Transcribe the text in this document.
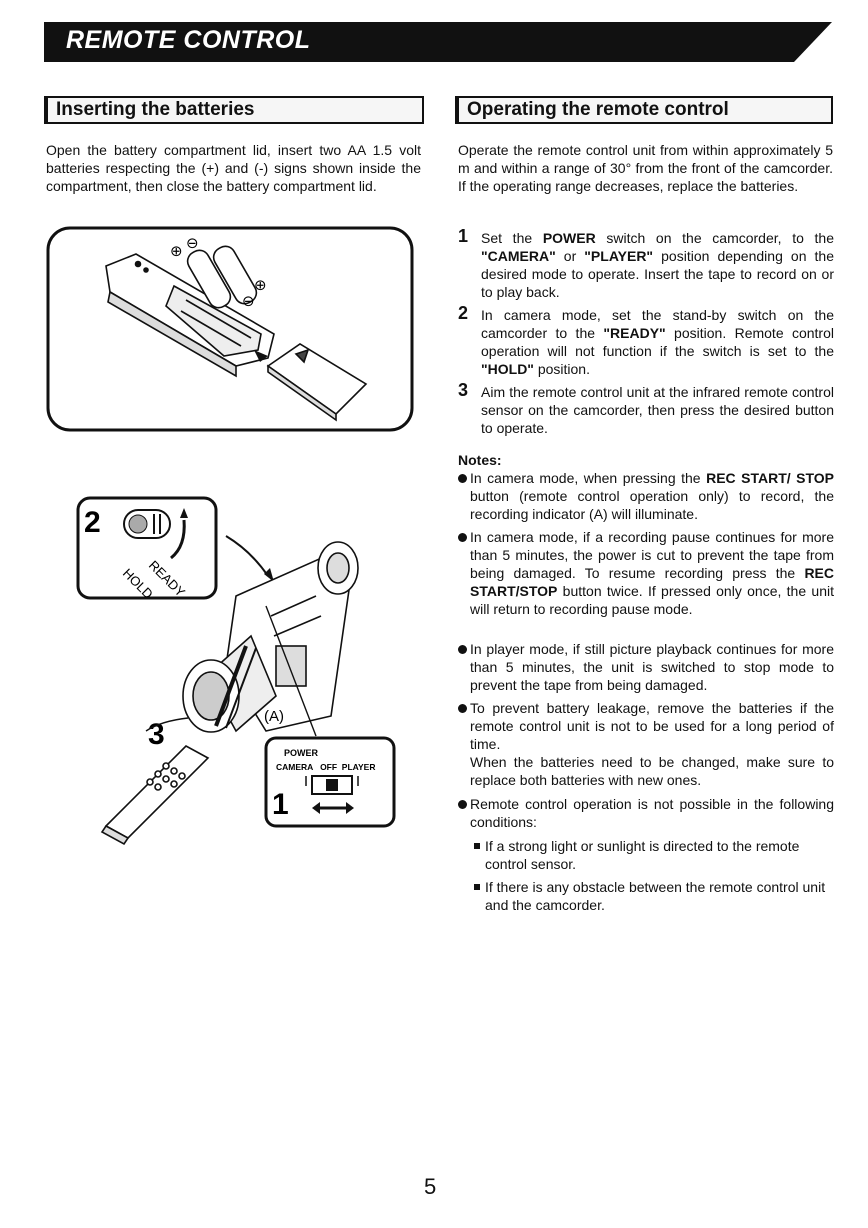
REMOTE CONTROL
Inserting the batteries
Open the battery compartment lid, insert two AA 1.5 volt batteries respecting the (+) and (-) signs shown inside the compartment, then close the battery compartment lid.
⊕ ⊖
⊖
⊕
2
READY
HOLD
(A)
3
POWER
CAMERA   OFF  PLAYER
1
Operating the remote control
Operate the remote control unit from within approximately 5 m and within a range of 30° from the front of the camcorder. If the operating range decreases, replace the batteries.
1 Set the POWER switch on the camcorder, to the "CAMERA" or "PLAYER" position depending on the desired mode to operate. Insert the tape to record on or to play back.
2 In camera mode, set the stand-by switch on the camcorder to the "READY" position. Remote control operation will not function if the switch is set to the "HOLD" position.
3 Aim the remote control unit at the infrared remote control sensor on the camcorder, then press the desired button to operate.
Notes:
In camera mode, when pressing the REC START/ STOP button (remote control operation only) to record, the recording indicator (A) will illuminate.
In camera mode, if a recording pause continues for more than 5 minutes, the power is cut to prevent the tape from being damaged. To resume recording press the REC START/STOP button twice. If pressed only once, the unit will return to recording pause mode.
In player mode, if still picture playback continues for more than 5 minutes, the unit is switched to stop mode to prevent the tape from being damaged.
To prevent battery leakage, remove the batteries if the remote control unit is not to be used for a long period of time.
When the batteries need to be changed, make sure to replace both batteries with new ones.
Remote control operation is not possible in the following conditions:
If a strong light or sunlight is directed to the remote control sensor.
If there is any obstacle between the remote control unit and the camcorder.
5
